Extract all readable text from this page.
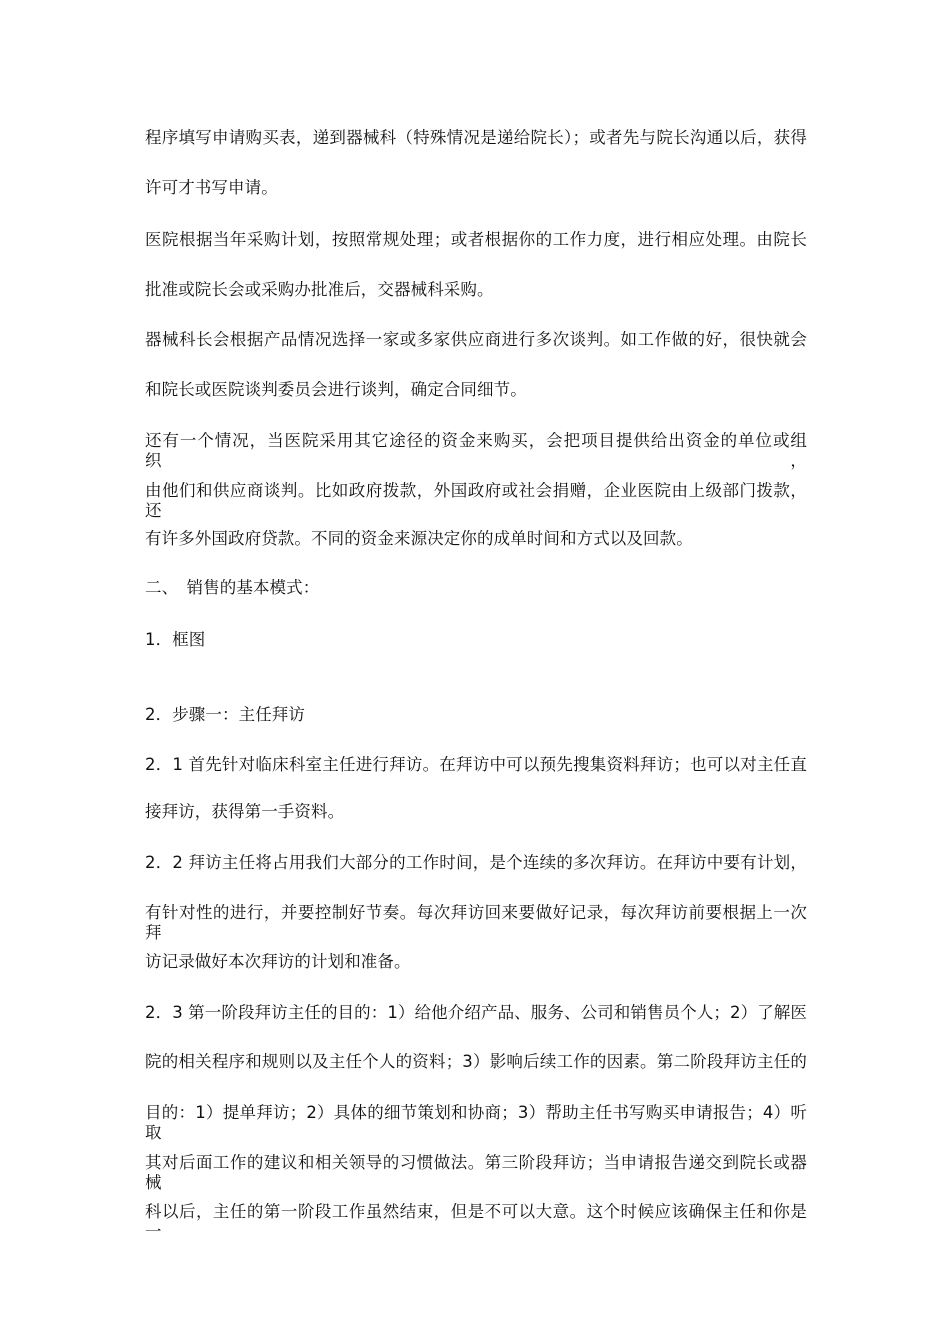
程序填写申请购买表，递到器械科（特殊情况是递给院长）；或者先与院长沟通以后，获得
许可才书写申请。
医院根据当年采购计划，按照常规处理；或者根据你的工作力度，进行相应处理。由院长
批准或院长会或采购办批准后，交器械科采购。
器械科长会根据产品情况选择一家或多家供应商进行多次谈判。如工作做的好，很快就会
和院长或医院谈判委员会进行谈判，确定合同细节。
还有一个情况，当医院采用其它途径的资金来购买，会把项目提供给出资金的单位或组织，
由他们和供应商谈判。比如政府拨款，外国政府或社会捐赠，企业医院由上级部门拨款，还
有许多外国政府贷款。不同的资金来源决定你的成单时间和方式以及回款。
二、　销售的基本模式：
1．框图
2．步骤一：主任拜访
2．1 首先针对临床科室主任进行拜访。在拜访中可以预先搜集资料拜访；也可以对主任直
接拜访，获得第一手资料。
2．2 拜访主任将占用我们大部分的工作时间，是个连续的多次拜访。在拜访中要有计划，
有针对性的进行，并要控制好节奏。每次拜访回来要做好记录，每次拜访前要根据上一次拜
访记录做好本次拜访的计划和准备。
2．3 第一阶段拜访主任的目的：1）给他介绍产品、服务、公司和销售员个人；2）了解医
院的相关程序和规则以及主任个人的资料；3）影响后续工作的因素。第二阶段拜访主任的
目的：1）提单拜访；2）具体的细节策划和协商；3）帮助主任书写购买申请报告；4）听取
其对后面工作的建议和相关领导的习惯做法。第三阶段拜访；当申请报告递交到院长或器械
科以后，主任的第一阶段工作虽然结束，但是不可以大意。这个时候应该确保主任和你是一
